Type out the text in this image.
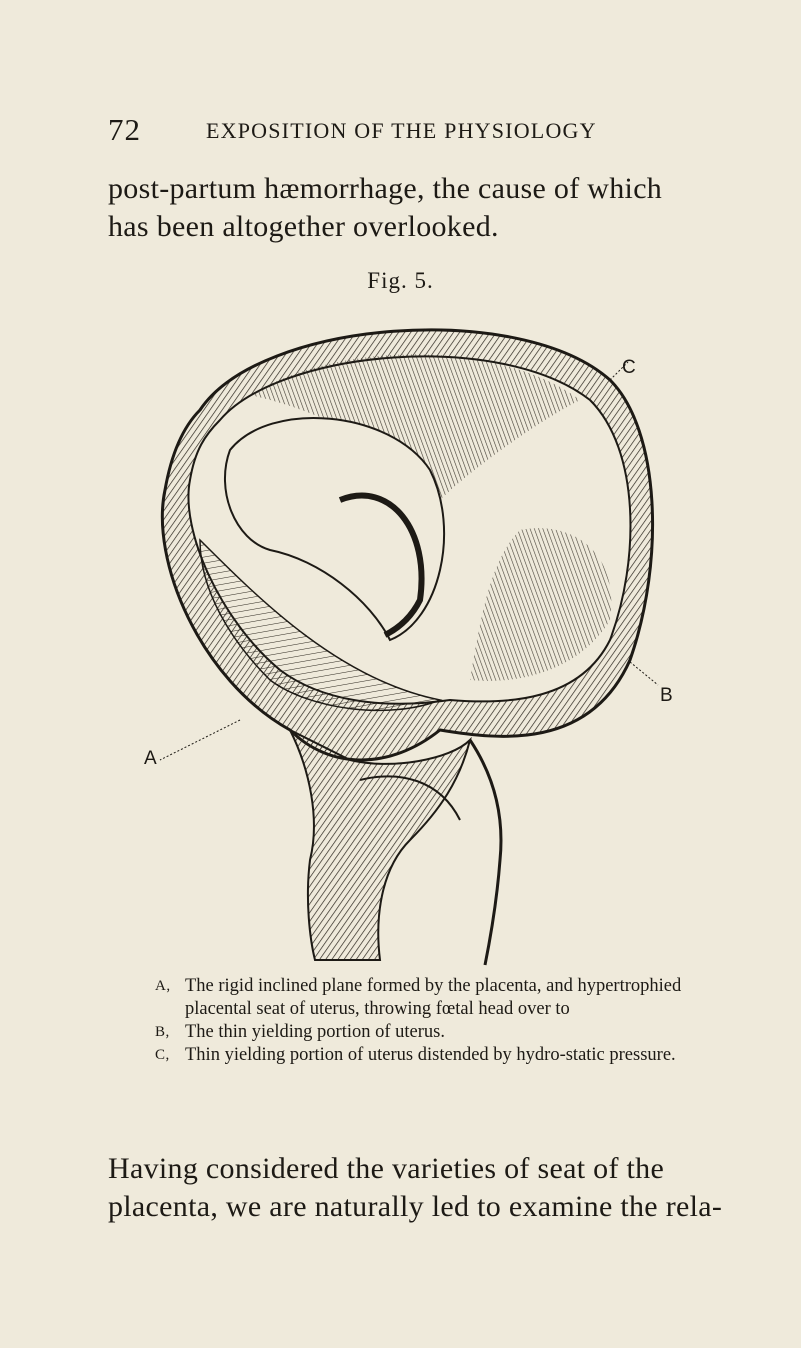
72	EXPOSITION OF THE PHYSIOLOGY

post-partum hæmorrhage, the cause of which has been altogether overlooked.

Fig. 5.
C
B
A
A, The rigid inclined plane formed by the placenta, and hypertrophied placental seat of uterus, throwing fœtal head over to
B, The thin yielding portion of uterus.
C, Thin yielding portion of uterus distended by hydro-static pressure.

Having considered the varieties of seat of the placenta, we are naturally led to examine the rela-
